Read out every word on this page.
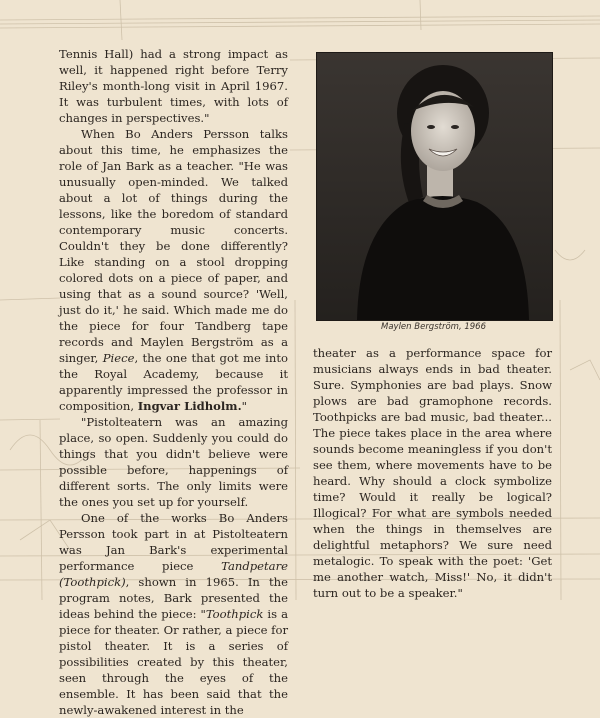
Tennis Hall) had a strong impact as well, it happened right before Terry Riley's month-long visit in April 1967. It was turbulent times, with lots of changes in perspectives."

When Bo Anders Persson talks about this time, he emphasizes the role of Jan Bark as a teacher. "He was unusually open-minded. We talked about a lot of things during the lessons, like the boredom of standard contemporary music concerts. Couldn't they be done differently? Like standing on a stool dropping colored dots on a piece of paper, and using that as a sound source? 'Well, just do it,' he said. Which made me do the piece for four Tandberg tape records and Maylen Bergström as a singer, Piece, the one that got me into the Royal Academy, because it apparently impressed the professor in composition, Ingvar Lidholm."

"Pistolteatern was an amazing place, so open. Suddenly you could do things that you didn't believe were possible before, happenings of different sorts. The only limits were the ones you set up for yourself.

One of the works Bo Anders Persson took part in at Pistolteatern was Jan Bark's experimental performance piece Tandpetare (Toothpick), shown in 1965. In the program notes, Bark presented the ideas behind the piece: "Toothpick is a piece for theater. Or rather, a piece for pistol theater. It is a series of possibilities created by this theater, seen through the eyes of the ensemble. It has been said that the newly-awakened interest in the

Maylen Bergström, 1966

theater as a performance space for musicians always ends in bad theater. Sure. Symphonies are bad plays. Snow plows are bad gramophone records. Toothpicks are bad music, bad theater... The piece takes place in the area where sounds become meaningless if you don't see them, where movements have to be heard. Why should a clock symbolize time? Would it really be logical? Illogical? For what are symbols needed when the things in themselves are delightful metaphors? We sure need metalogic. To speak with the poet: 'Get me another watch, Miss!' No, it didn't turn out to be a speaker."
